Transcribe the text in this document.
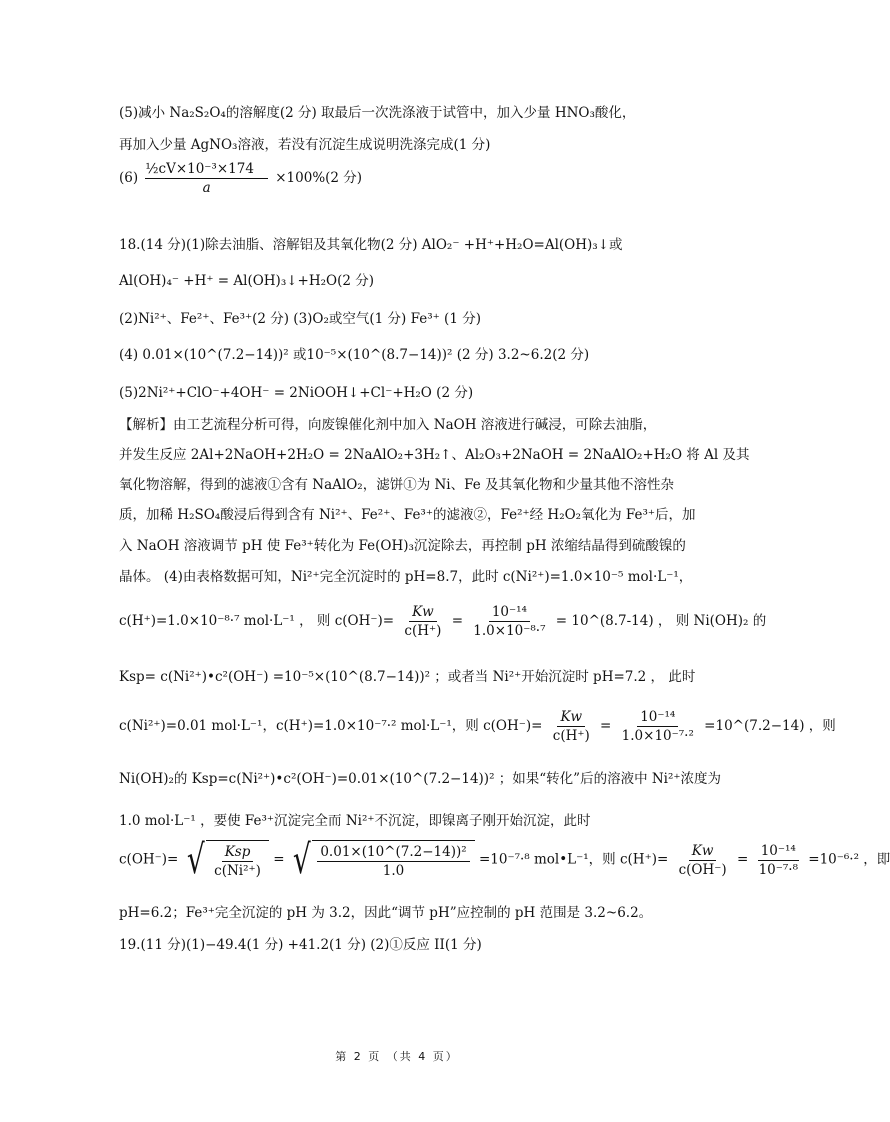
(5)减小 Na₂S₂O₄的溶解度(2 分) 取最后一次洗涤液于试管中，加入少量 HNO₃酸化，
再加入少量 AgNO₃溶液，若没有沉淀生成说明洗涤完成(1 分)
$(6) \frac{\text{½cV×10⁻³×174}}{a} \times 100\%(2$ 分)
18.(14 分)(1)除去油脂、溶解铝及其氧化物(2 分) AlO₂⁻ +H⁺+H₂O=Al(OH)₃↓或
Al(OH)₄⁻ +H⁺ = Al(OH)₃↓+H₂O(2 分)
(2)Ni²⁺、Fe²⁺、Fe³⁺(2 分) (3)O₂或空气(1 分) Fe³⁺ (1 分)
(4) 0.01×(10^(7.2−14))² 或10⁻⁵×(10^(8.7−14))² (2 分) 3.2~6.2(2 分)
(5)2Ni²⁺+ClO⁻+4OH⁻ = 2NiOOH↓+Cl⁻+H₂O (2 分)
【解析】由工艺流程分析可得，向废镍催化剂中加入 NaOH 溶液进行碱浸，可除去油脂，
并发生反应 2Al+2NaOH+2H₂O = 2NaAlO₂+3H₂↑、Al₂O₃+2NaOH = 2NaAlO₂+H₂O 将 Al 及其
氧化物溶解，得到的滤液①含有 NaAlO₂，滤饼①为 Ni、Fe 及其氧化物和少量其他不溶性杂
质，加稀 H₂SO₄酸浸后得到含有 Ni²⁺、Fe²⁺、Fe³⁺的滤液②，Fe²⁺经 H₂O₂氧化为 Fe³⁺后，加
入 NaOH 溶液调节 pH 使 Fe³⁺转化为 Fe(OH)₃沉淀除去，再控制 pH 浓缩结晶得到硫酸镍的
晶体。 (4)由表格数据可知，Ni²⁺完全沉淀时的 pH=8.7，此时 c(Ni²⁺)=1.0×10⁻⁵ mol·L⁻¹，
c(H⁺)=1.0×10⁻⁸·⁷ mol·L⁻¹ ， 则 $c(OH^-)= \frac{Kw}{c(H^+)} = \frac{\text{10⁻¹⁴}}{\text{1.0×10⁻⁸·⁷}}$ = 10^(8.7-14) ， 则 Ni(OH)₂ 的
Ksp= c(Ni²⁺)•c²(OH⁻) =10⁻⁵×(10^(8.7−14))² ；或者当 Ni²⁺开始沉淀时 pH=7.2 ， 此时
c(Ni²⁺)=0.01 mol·L⁻¹，c(H⁺)=1.0×10⁻⁷·² mol·L⁻¹，则 $c(OH^-)= \frac{Kw}{c(H^+)} = \frac{\text{10⁻¹⁴}}{\text{1.0×10⁻⁷·²}}$ =10^(7.2−14) ，则
Ni(OH)₂的 Ksp=c(Ni²⁺)•c²(OH⁻)=0.01×(10^(7.2−14))² ；如果“转化”后的溶液中 Ni²⁺浓度为
1.0 mol·L⁻¹ ，要使 Fe³⁺沉淀完全而 Ni²⁺不沉淀，即镍离子刚开始沉淀，此时
c(OH⁻)= √ $\frac{\text{Ksp}}{\text{c(Ni²⁺)}}$ = √ $\frac{\text{0.01×(10\textasciicircum{}(7.2−14))²}}{1.0} =10^{-7}\cdot^8$ mol•L⁻¹，则 $c(H^+)= \frac{Kw}{c(OH^-)} = \frac{\text{10⁻¹⁴}}{\text{10⁻⁷·⁸}} =10^{-6}\cdot^2$ ，即
pH=6.2；Fe³⁺完全沉淀的 pH 为 3.2，因此“调节 pH”应控制的 pH 范围是 3.2~6.2。
19.(11 分)(1)−49.4(1 分) +41.2(1 分) (2)①反应 II(1 分)
第 2 页 （共 4 页）
